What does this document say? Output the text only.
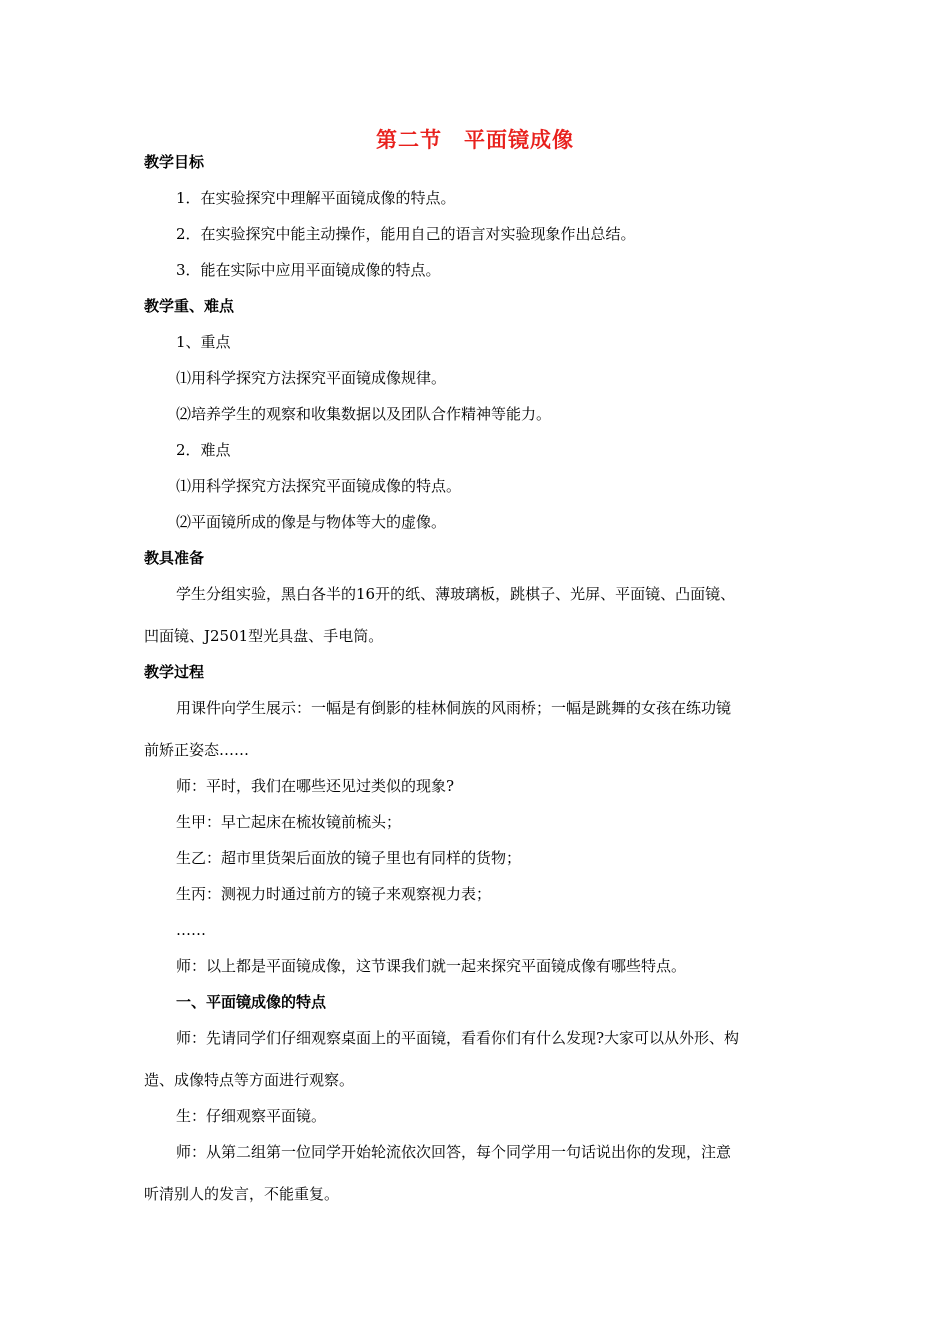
第二节　平面镜成像
教学目标
1．在实验探究中理解平面镜成像的特点。
2．在实验探究中能主动操作，能用自己的语言对实验现象作出总结。
3．能在实际中应用平面镜成像的特点。
教学重、难点
1、重点
⑴用科学探究方法探究平面镜成像规律。
⑵培养学生的观察和收集数据以及团队合作精神等能力。
2．难点
⑴用科学探究方法探究平面镜成像的特点。
⑵平面镜所成的像是与物体等大的虚像。
教具准备
学生分组实验，黑白各半的16开的纸、薄玻璃板，跳棋子、光屏、平面镜、凸面镜、
凹面镜、J2501型光具盘、手电筒。
教学过程
用课件向学生展示：一幅是有倒影的桂林侗族的风雨桥；一幅是跳舞的女孩在练功镜
前矫正姿态……
师：平时，我们在哪些还见过类似的现象?
生甲：早亡起床在梳妆镜前梳头；
生乙：超市里货架后面放的镜子里也有同样的货物；
生丙：测视力时通过前方的镜子来观察视力表；
……
师：以上都是平面镜成像，这节课我们就一起来探究平面镜成像有哪些特点。
一、平面镜成像的特点
师：先请同学们仔细观察桌面上的平面镜，看看你们有什么发现?大家可以从外形、构
造、成像特点等方面进行观察。
生：仔细观察平面镜。
师：从第二组第一位同学开始轮流依次回答，每个同学用一句话说出你的发现，注意
听清别人的发言，不能重复。
